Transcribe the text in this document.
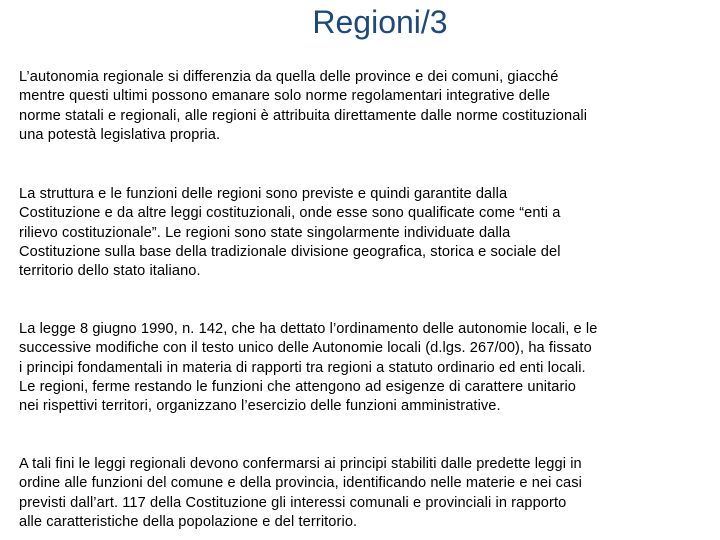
Regioni/3

L’autonomia regionale si differenzia da quella delle province e dei comuni, giacché
mentre questi ultimi possono emanare solo norme regolamentari integrative delle
norme statali e regionali, alle regioni è attribuita direttamente dalle norme costituzionali
una potestà legislativa propria.

La struttura e le funzioni delle regioni sono previste e quindi garantite dalla
Costituzione e da altre leggi costituzionali, onde esse sono qualificate come “enti a
rilievo costituzionale”. Le regioni sono state singolarmente individuate dalla
Costituzione sulla base della tradizionale divisione geografica, storica e sociale del
territorio dello stato italiano.

La legge 8 giugno 1990, n. 142, che ha dettato l’ordinamento delle autonomie locali, e le
successive modifiche con il testo unico delle Autonomie locali (d.lgs. 267/00), ha fissato
i principi fondamentali in materia di rapporti tra regioni a statuto ordinario ed enti locali.
Le regioni, ferme restando le funzioni che attengono ad esigenze di carattere unitario
nei rispettivi territori, organizzano l’esercizio delle funzioni amministrative.

A tali fini le leggi regionali devono confermarsi ai principi stabiliti dalle predette leggi in
ordine alle funzioni del comune e della provincia, identificando nelle materie e nei casi
previsti dall’art. 117 della Costituzione gli interessi comunali e provinciali in rapporto
alle caratteristiche della popolazione e del territorio.
